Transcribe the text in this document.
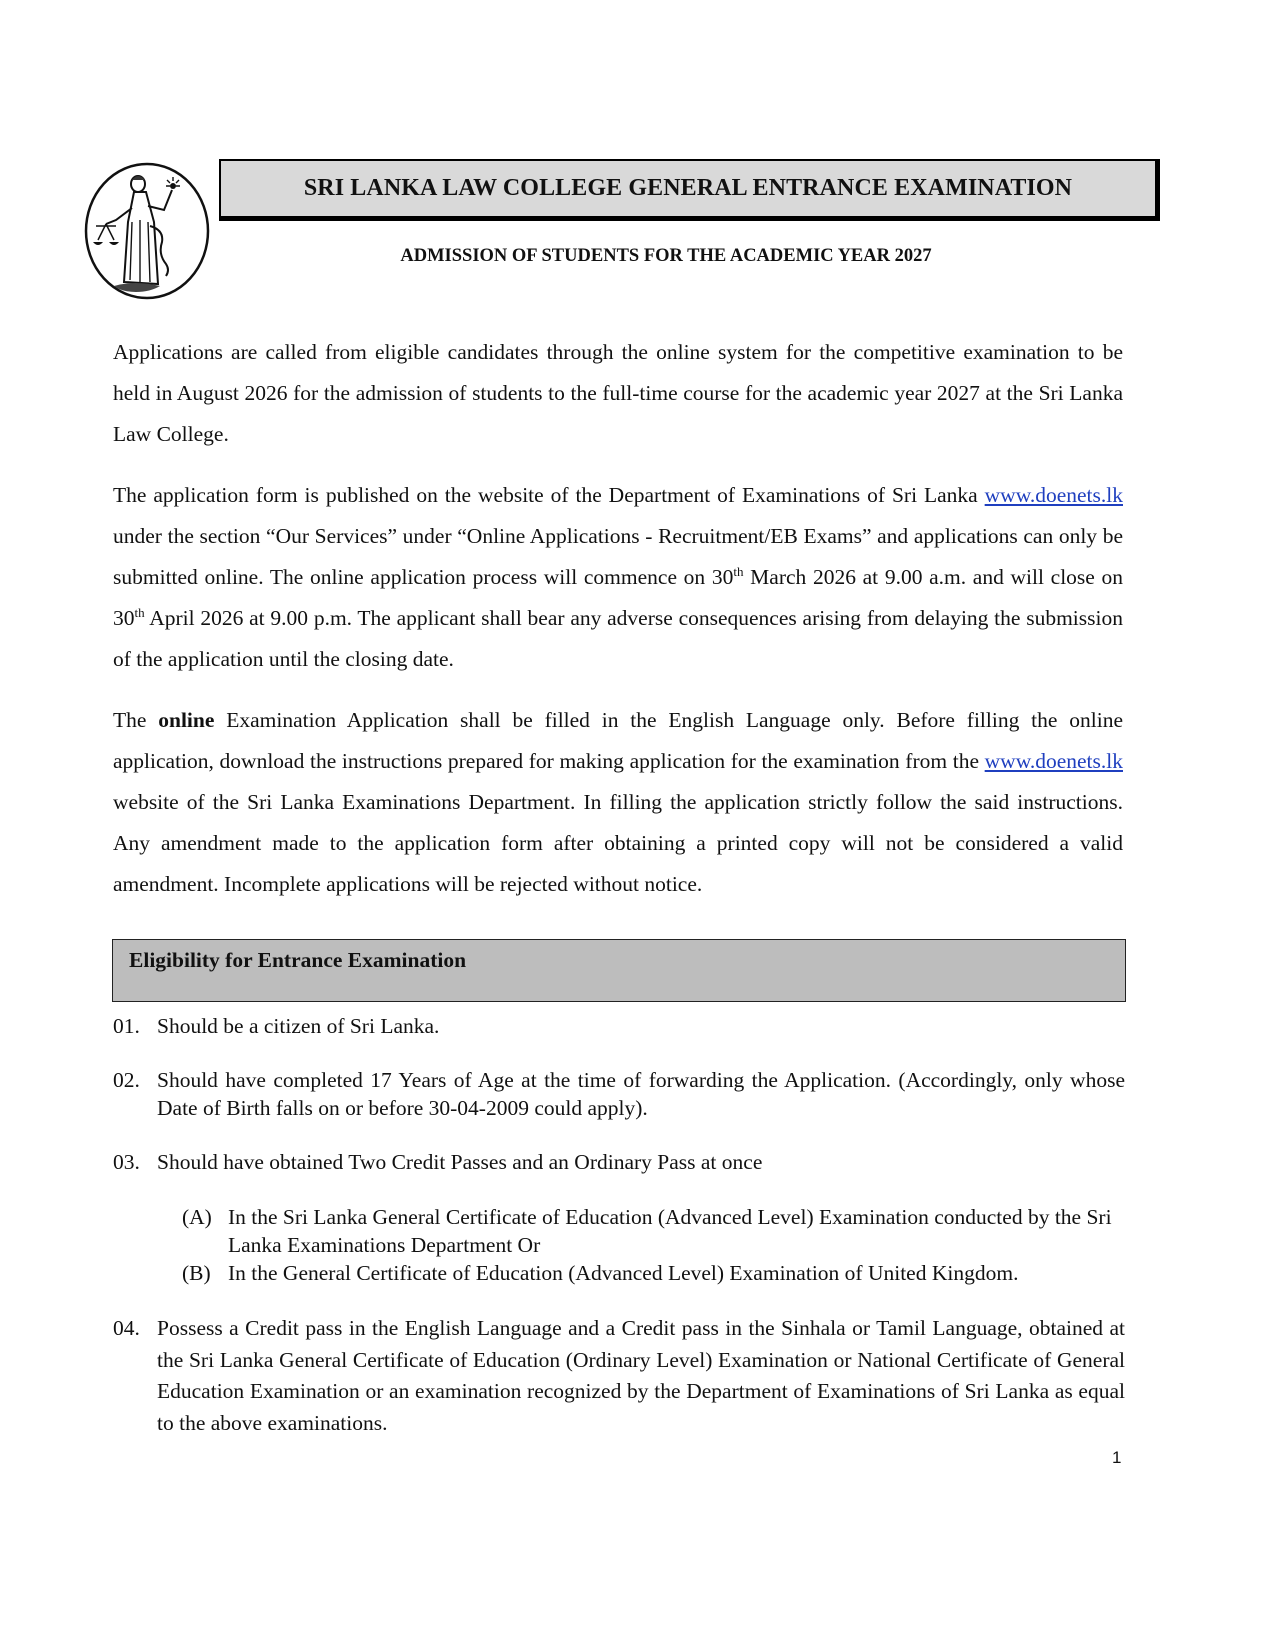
SRI LANKA LAW COLLEGE GENERAL ENTRANCE EXAMINATION
ADMISSION OF STUDENTS FOR THE ACADEMIC YEAR 2027
Applications are called from eligible candidates through the online system for the competitive examination to be held in August 2026 for the admission of students to the full-time course for the academic year 2027 at the Sri Lanka Law College.
The application form is published on the website of the Department of Examinations of Sri Lanka www.doenets.lk under the section “Our Services” under “Online Applications - Recruitment/EB Exams” and applications can only be submitted online. The online application process will commence on 30th March 2026 at 9.00 a.m. and will close on 30th April 2026 at 9.00 p.m. The applicant shall bear any adverse consequences arising from delaying the submission of the application until the closing date.
The online Examination Application shall be filled in the English Language only. Before filling the online application, download the instructions prepared for making application for the examination from the www.doenets.lk website of the Sri Lanka Examinations Department. In filling the application strictly follow the said instructions. Any amendment made to the application form after obtaining a printed copy will not be considered a valid amendment. Incomplete applications will be rejected without notice.
Eligibility for Entrance Examination
01. Should be a citizen of Sri Lanka.
02. Should have completed 17 Years of Age at the time of forwarding the Application. (Accordingly, only whose Date of Birth falls on or before 30-04-2009 could apply).
03. Should have obtained Two Credit Passes and an Ordinary Pass at once
(A) In the Sri Lanka General Certificate of Education (Advanced Level) Examination conducted by the Sri Lanka Examinations Department Or
(B) In the General Certificate of Education (Advanced Level) Examination of United Kingdom.
04. Possess a Credit pass in the English Language and a Credit pass in the Sinhala or Tamil Language, obtained at the Sri Lanka General Certificate of Education (Ordinary Level) Examination or National Certificate of General Education Examination or an examination recognized by the Department of Examinations of Sri Lanka as equal to the above examinations.
1
